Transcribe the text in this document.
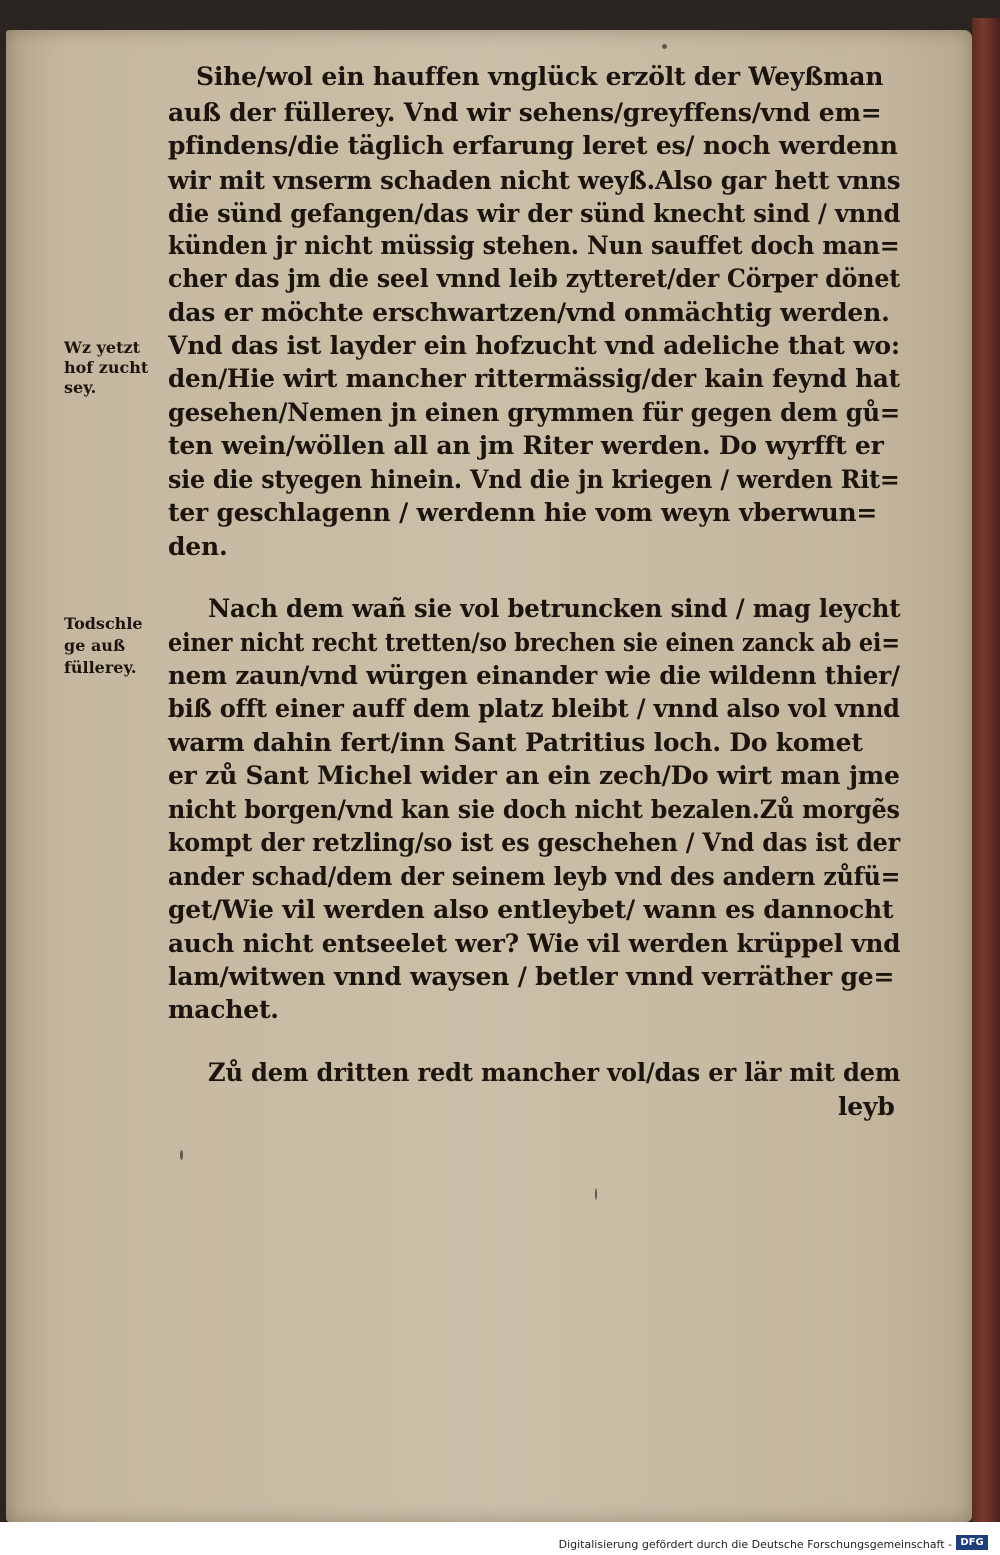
Sihe/wol ein hauffen vnglück erzölt der Weyßman
auß der füllerey. Vnd wir sehens/greyffens/vnd em=
pfindens/die täglich erfarung leret es/ noch werdenn
wir mit vnserm schaden nicht weyß.Also gar hett vnns
die sünd gefangen/das wir der sünd knecht sind / vnnd
künden jr nicht müssig stehen. Nun sauffet doch man=
cher das jm die seel vnnd leib zytteret/der Cörper dönet
das er möchte erschwartzen/vnd onmächtig werden.
Vnd das ist layder ein hofzucht vnd adeliche that wo:
den/Hie wirt mancher rittermässig/der kain feynd hat
gesehen/Nemen jn einen grymmen für gegen dem gů=
ten wein/wöllen all an jm Riter werden. Do wyrfft er
sie die styegen hinein. Vnd die jn kriegen / werden Rit=
ter geschlagenn / werdenn hie vom weyn vberwun=
den.
Nach dem wañ sie vol betruncken sind / mag leycht
einer nicht recht tretten/so brechen sie einen zanck ab ei=
nem zaun/vnd würgen einander wie die wildenn thier/
biß offt einer auff dem platz bleibt / vnnd also vol vnnd
warm dahin fert/inn Sant Patritius loch. Do komet
er zů Sant Michel wider an ein zech/Do wirt man jme
nicht borgen/vnd kan sie doch nicht bezalen.Zů morgẽs
kompt der retzling/so ist es geschehen / Vnd das ist der
ander schad/dem der seinem leyb vnd des andern zůfü=
get/Wie vil werden also entleybet/ wann es dannocht
auch nicht entseelet wer? Wie vil werden krüppel vnd
lam/witwen vnnd waysen / betler vnnd verräther ge=
machet.
Zů dem dritten redt mancher vol/das er lär mit dem
leyb
Wz yetzt
hof zucht
sey.
Todschle
ge auß
füllerey.
Digitalisierung gefördert durch die Deutsche Forschungsgemeinschaft - DFG
